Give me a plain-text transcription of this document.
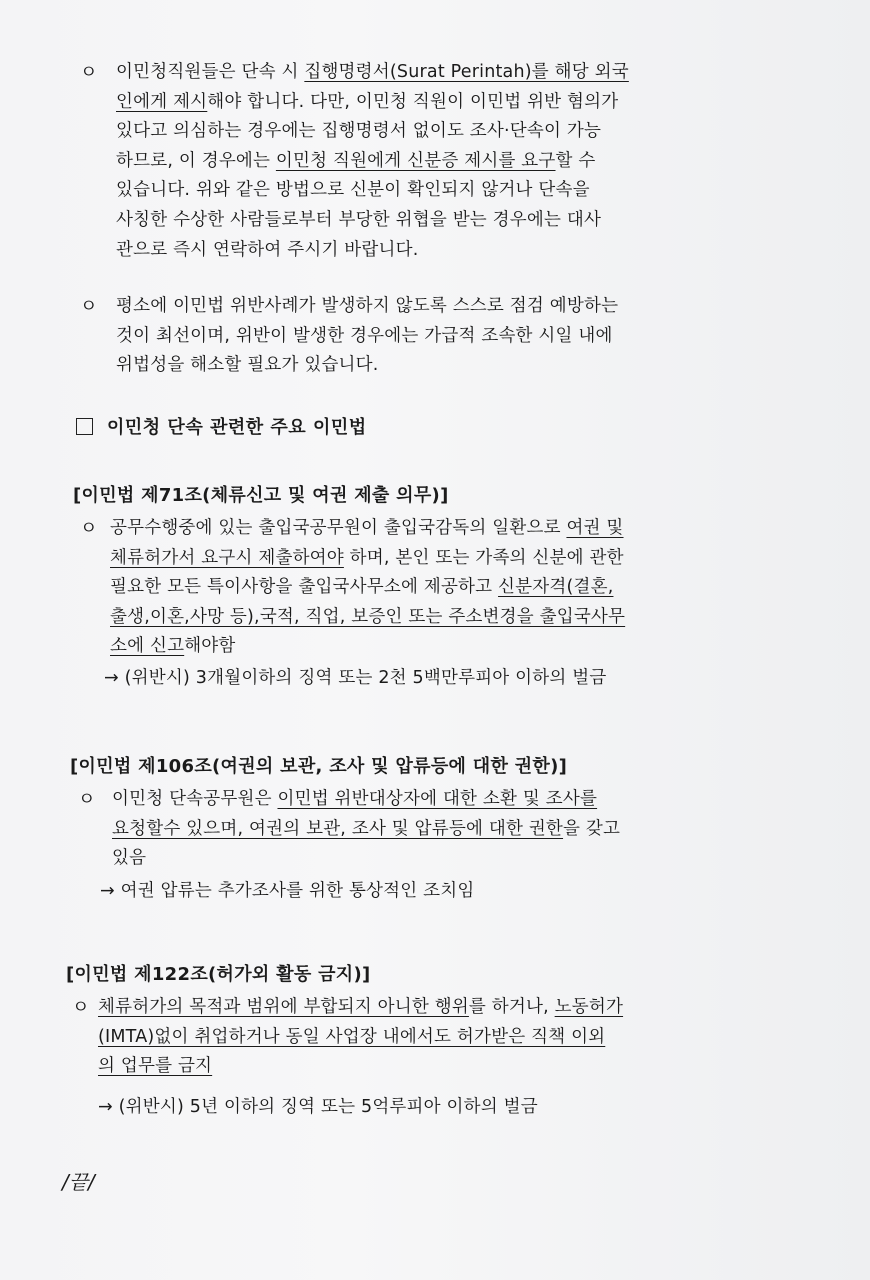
ㅇ 이민청직원들은 단속 시 집행명령서(Surat Perintah)를 해당 외국
인에게 제시해야 합니다. 다만, 이민청 직원이 이민법 위반 혐의가
있다고 의심하는 경우에는 집행명령서 없이도 조사·단속이 가능
하므로, 이 경우에는 이민청 직원에게 신분증 제시를 요구할 수
있습니다. 위와 같은 방법으로 신분이 확인되지 않거나 단속을
사칭한 수상한 사람들로부터 부당한 위협을 받는 경우에는 대사
관으로 즉시 연락하여 주시기 바랍니다.
ㅇ 평소에 이민법 위반사례가 발생하지 않도록 스스로 점검 예방하는
것이 최선이며, 위반이 발생한 경우에는 가급적 조속한 시일 내에
위법성을 해소할 필요가 있습니다.
이민청 단속 관련한 주요 이민법
[이민법 제71조(체류신고 및 여권 제출 의무)]
ㅇ 공무수행중에 있는 출입국공무원이 출입국감독의 일환으로 여권 및
체류허가서 요구시 제출하여야 하며, 본인 또는 가족의 신분에 관한
필요한 모든 특이사항을 출입국사무소에 제공하고 신분자격(결혼,
출생,이혼,사망 등),국적, 직업, 보증인 또는 주소변경을 출입국사무
소에 신고해야함
→ (위반시) 3개월이하의 징역 또는 2천 5백만루피아 이하의 벌금
[이민법 제106조(여권의 보관, 조사 및 압류등에 대한 권한)]
ㅇ 이민청 단속공무원은 이민법 위반대상자에 대한 소환 및 조사를
요청할수 있으며, 여권의 보관, 조사 및 압류등에 대한 권한을 갖고
있음
→ 여권 압류는 추가조사를 위한 통상적인 조치임
[이민법 제122조(허가외 활동 금지)]
ㅇ 체류허가의 목적과 범위에 부합되지 아니한 행위를 하거나, 노동허가
(IMTA)없이 취업하거나 동일 사업장 내에서도 허가받은 직책 이외
의 업무를 금지
→ (위반시) 5년 이하의 징역 또는 5억루피아 이하의 벌금
/끝/
